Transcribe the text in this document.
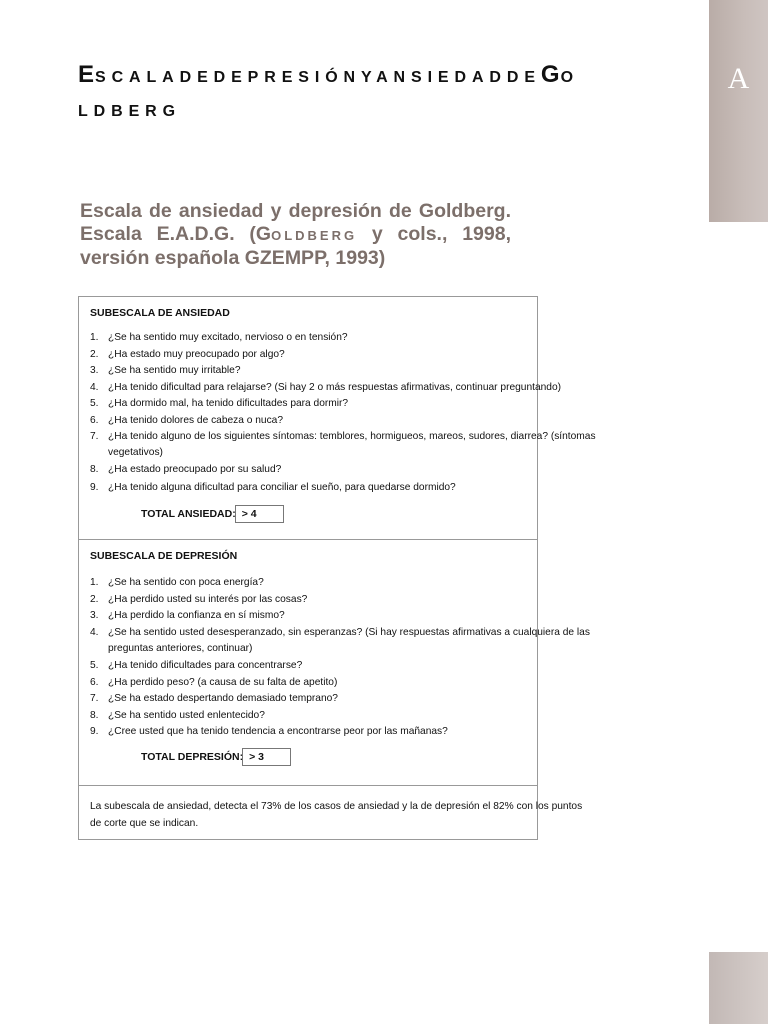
A
ESCALADEDEPRESIÓNYANSIEDADDEGO
LDBERG
Escala de ansiedad y depresión de Goldberg. Escala E.A.D.G. (GOLDBERG y cols., 1998, versión española GZEMPP, 1993)
SUBESCALA DE ANSIEDAD
1. ¿Se ha sentido muy excitado, nervioso o en tensión?
2. ¿Ha estado muy preocupado por algo?
3. ¿Se ha sentido muy irritable?
4. ¿Ha tenido dificultad para relajarse? (Si hay 2 o más respuestas afirmativas, continuar preguntando)
5. ¿Ha dormido mal, ha tenido dificultades para dormir?
6. ¿Ha tenido dolores de cabeza o nuca?
7. ¿Ha tenido alguno de los siguientes síntomas: temblores, hormigueos, mareos, sudores, diarrea? (síntomas
vegetativos)
8. ¿Ha estado preocupado por su salud?
9. ¿Ha tenido alguna dificultad para conciliar el sueño, para quedarse dormido?
TOTAL ANSIEDAD: > 4
SUBESCALA DE DEPRESIÓN
1. ¿Se ha sentido con poca energía?
2. ¿Ha perdido usted su interés por las cosas?
3. ¿Ha perdido la confianza en sí mismo?
4. ¿Se ha sentido usted desesperanzado, sin esperanzas? (Si hay respuestas afirmativas a cualquiera de las
preguntas anteriores, continuar)
5. ¿Ha tenido dificultades para concentrarse?
6. ¿Ha perdido peso? (a causa de su falta de apetito)
7. ¿Se ha estado despertando demasiado temprano?
8. ¿Se ha sentido usted enlentecido?
9. ¿Cree usted que ha tenido tendencia a encontrarse peor por las mañanas?
TOTAL DEPRESIÓN: > 3
La subescala de ansiedad, detecta el 73% de los casos de ansiedad y la de depresión el 82% con los puntos
de corte que se indican.
